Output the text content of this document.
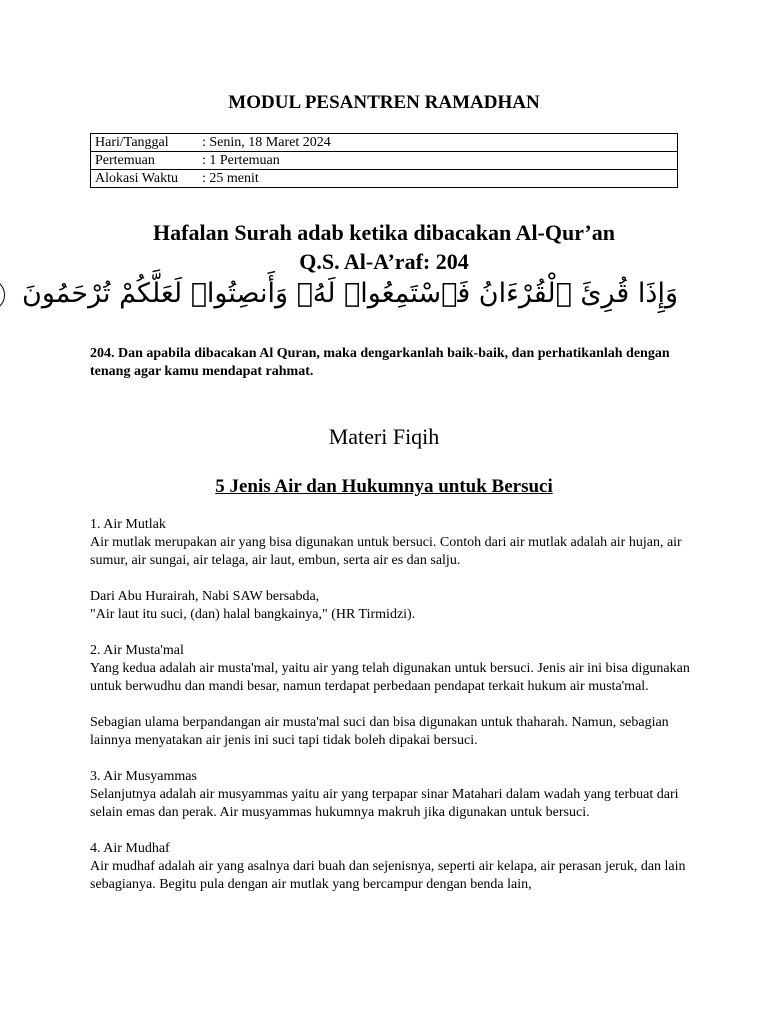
MODUL PESANTREN RAMADHAN
Hari/Tanggal	: Senin, 18 Maret 2024
Pertemuan	: 1 Pertemuan
Alokasi Waktu	: 25 menit
Hafalan Surah adab ketika dibacakan Al-Qur’an
Q.S. Al-A’raf: 204
وَإِذَا قُرِئَ ٱلْقُرْءَانُ فَٱسْتَمِعُوا۟ لَهُۥ وَأَنصِتُوا۟ لَعَلَّكُمْ تُرْحَمُونَ
204. Dan apabila dibacakan Al Quran, maka dengarkanlah baik-baik, dan perhatikanlah dengan tenang agar kamu mendapat rahmat.
Materi Fiqih
5 Jenis Air dan Hukumnya untuk Bersuci

1. Air Mutlak

Air mutlak merupakan air yang bisa digunakan untuk bersuci. Contoh dari air mutlak adalah air hujan, air sumur, air sungai, air telaga, air laut, embun, serta air es dan salju.

Dari Abu Hurairah, Nabi SAW bersabda,

"Air laut itu suci, (dan) halal bangkainya," (HR Tirmidzi).

2. Air Musta'mal

Yang kedua adalah air musta'mal, yaitu air yang telah digunakan untuk bersuci. Jenis air ini bisa digunakan untuk berwudhu dan mandi besar, namun terdapat perbedaan pendapat terkait hukum air musta'mal.

Sebagian ulama berpandangan air musta'mal suci dan bisa digunakan untuk thaharah. Namun, sebagian lainnya menyatakan air jenis ini suci tapi tidak boleh dipakai bersuci.

3. Air Musyammas

Selanjutnya adalah air musyammas yaitu air yang terpapar sinar Matahari dalam wadah yang terbuat dari selain emas dan perak. Air musyammas hukumnya makruh jika digunakan untuk bersuci.

4. Air Mudhaf

Air mudhaf adalah air yang asalnya dari buah dan sejenisnya, seperti air kelapa, air perasan jeruk, dan lain sebagianya. Begitu pula dengan air mutlak yang bercampur dengan benda lain,
